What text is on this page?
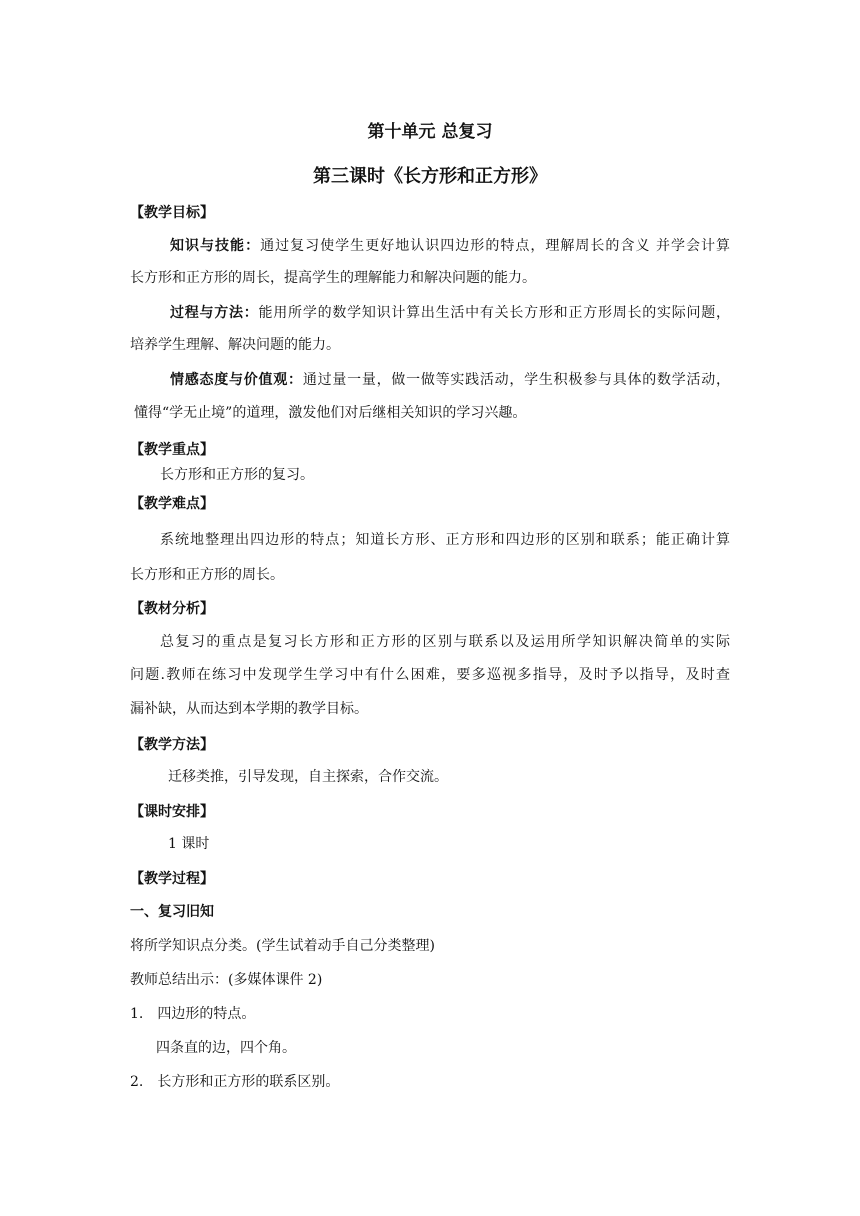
第十单元 总复习
第三课时《长方形和正方形》
【教学目标】
知识与技能：通过复习使学生更好地认识四边形的特点，理解周长的含义 并学会计算
长方形和正方形的周长，提高学生的理解能力和解决问题的能力。
过程与方法：能用所学的数学知识计算出生活中有关长方形和正方形周长的实际问题，
培养学生理解、解决问题的能力。
情感态度与价值观：通过量一量，做一做等实践活动，学生积极参与具体的数学活动，
懂得“学无止境”的道理，激发他们对后继相关知识的学习兴趣。
【教学重点】
长方形和正方形的复习。
【教学难点】
系统地整理出四边形的特点；知道长方形、正方形和四边形的区别和联系；能正确计算
长方形和正方形的周长。
【教材分析】
总复习的重点是复习长方形和正方形的区别与联系以及运用所学知识解决简单的实际
问题.教师在练习中发现学生学习中有什么困难，要多巡视多指导，及时予以指导，及时查
漏补缺，从而达到本学期的教学目标。
【教学方法】
迁移类推，引导发现，自主探索，合作交流。
【课时安排】
1 课时
【教学过程】
一、复习旧知
将所学知识点分类。(学生试着动手自己分类整理)
教师总结出示：(多媒体课件 2)
1. 四边形的特点。
四条直的边，四个角。
2. 长方形和正方形的联系区别。
